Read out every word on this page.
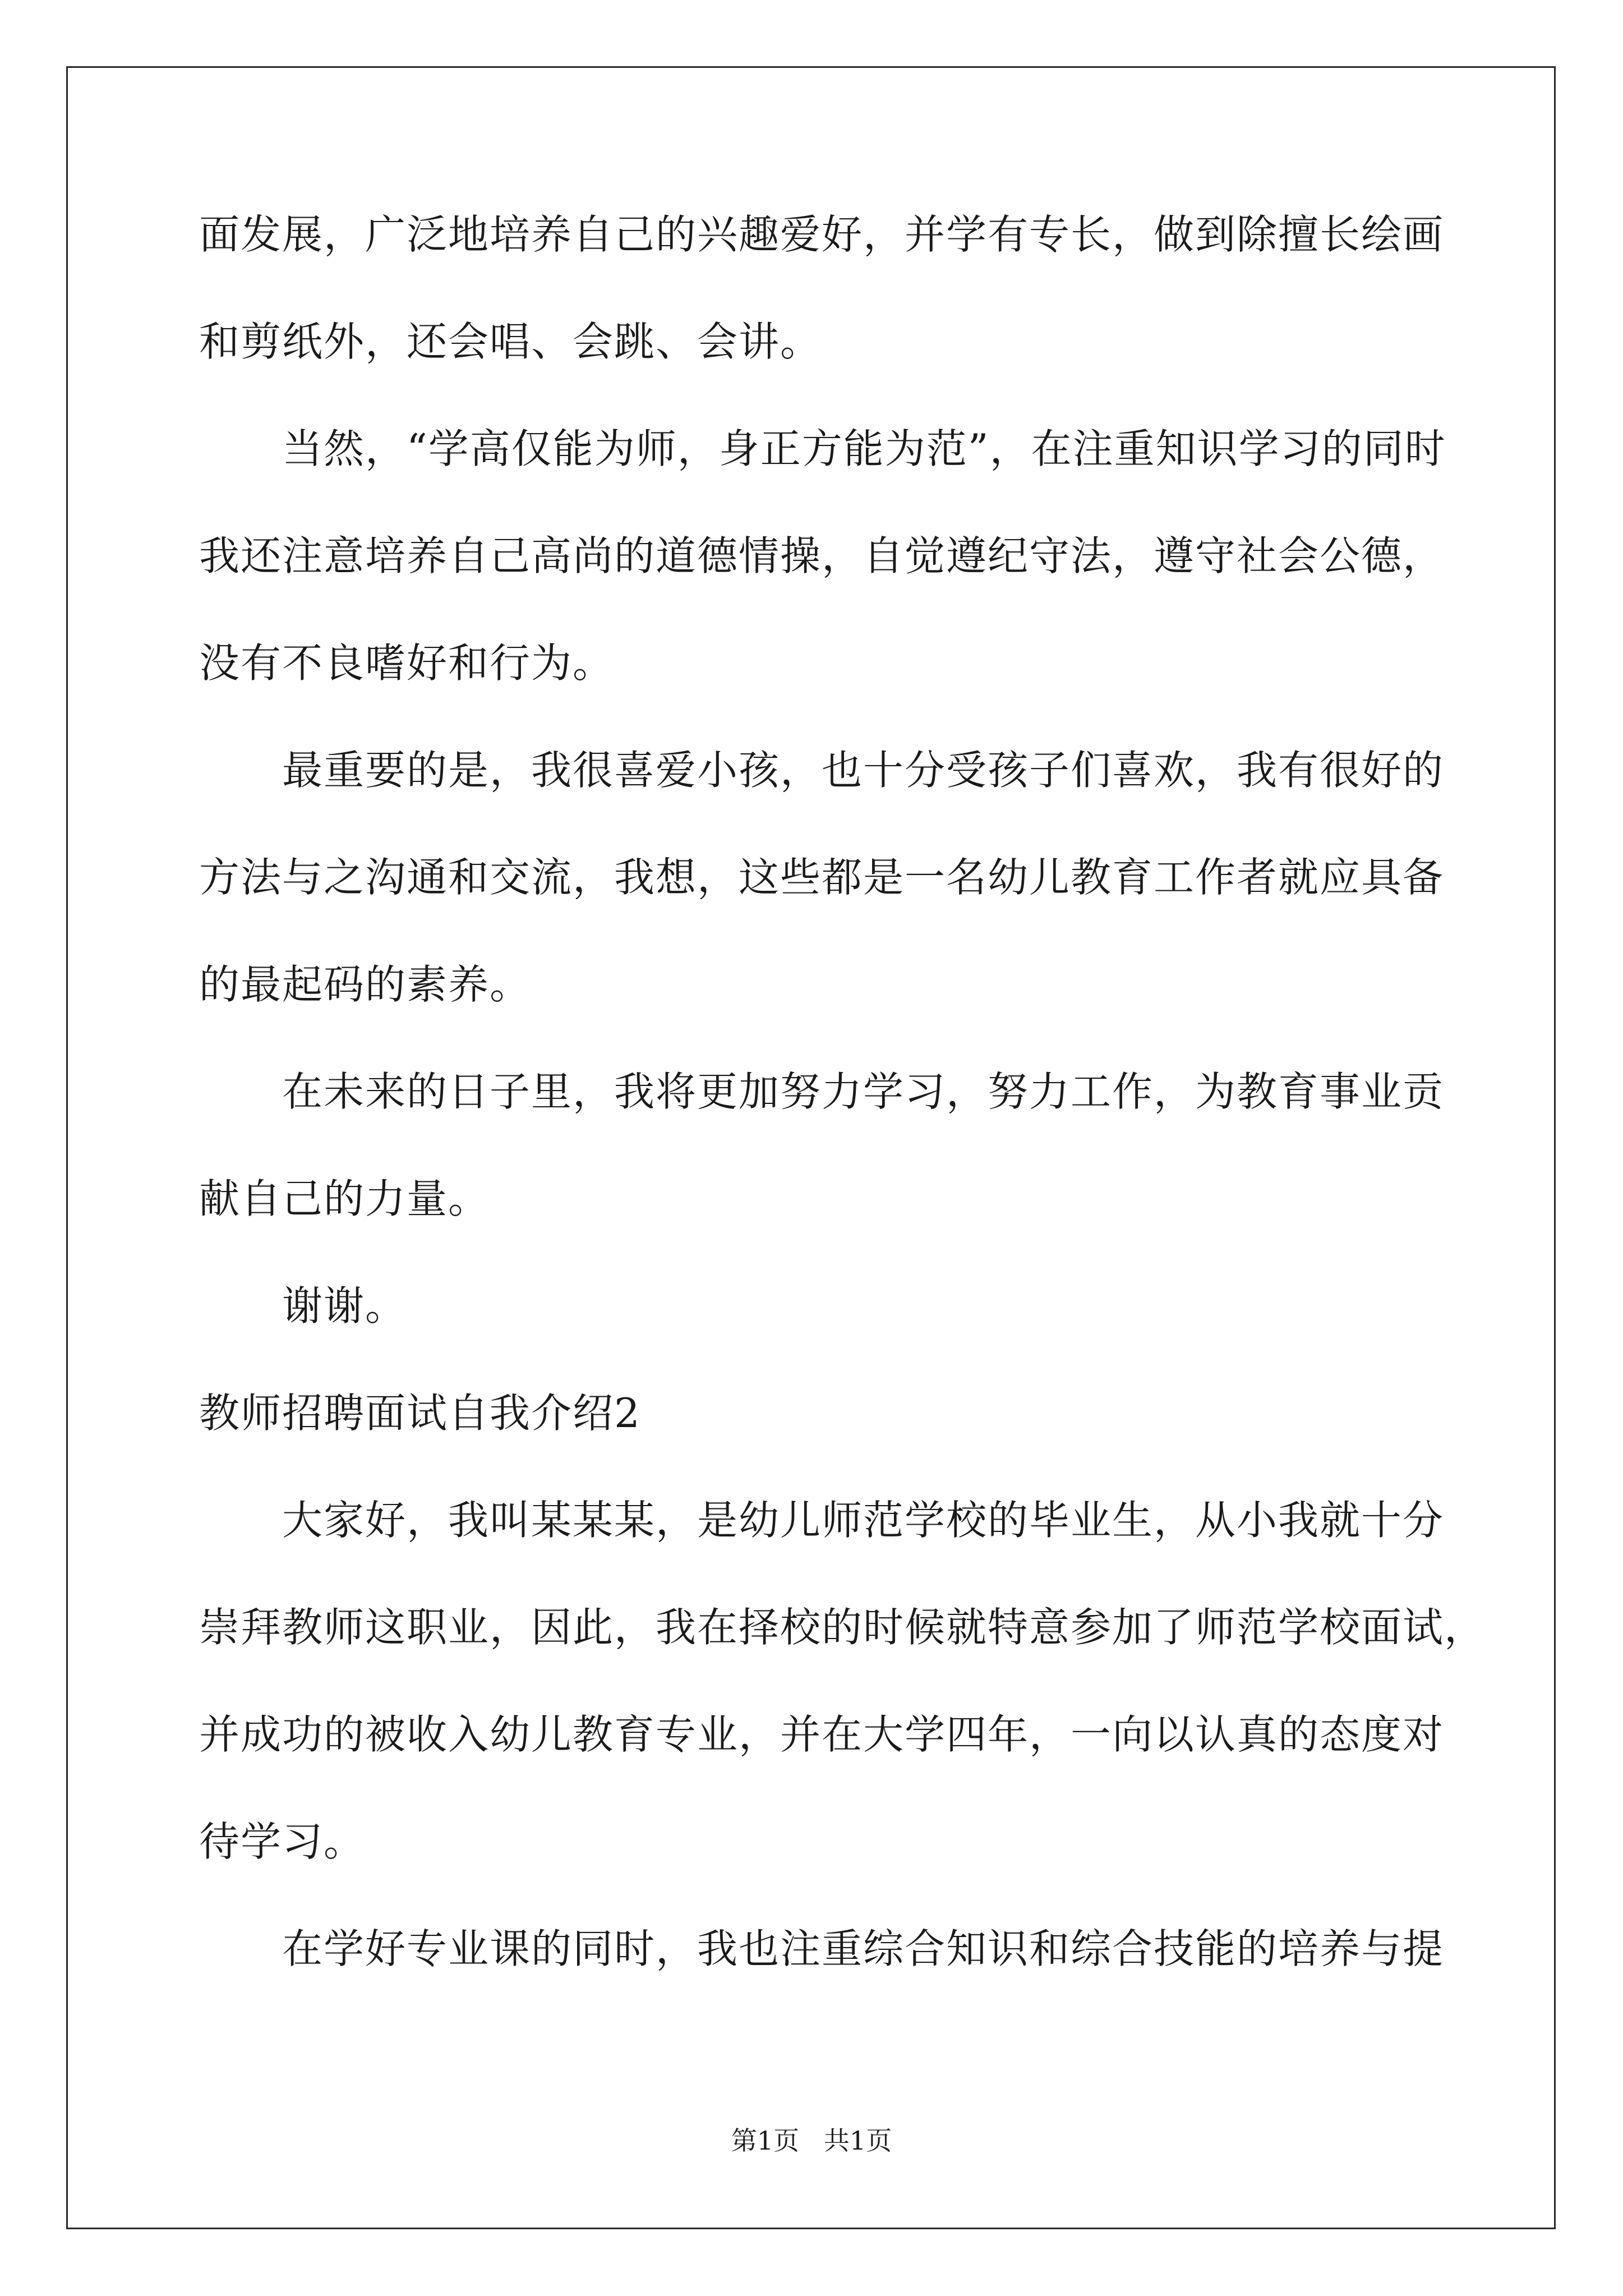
面发展，广泛地培养自己的兴趣爱好，并学有专长，做到除擅长绘画

和剪纸外，还会唱、会跳、会讲。

当然，“学高仅能为师，身正方能为范”，在注重知识学习的同时

我还注意培养自己高尚的道德情操，自觉遵纪守法，遵守社会公德，

没有不良嗜好和行为。

最重要的是，我很喜爱小孩，也十分受孩子们喜欢，我有很好的

方法与之沟通和交流，我想，这些都是一名幼儿教育工作者就应具备

的最起码的素养。

在未来的日子里，我将更加努力学习，努力工作，为教育事业贡

献自己的力量。

谢谢。

教师招聘面试自我介绍2

大家好，我叫某某某，是幼儿师范学校的毕业生，从小我就十分

崇拜教师这职业，因此，我在择校的时候就特意参加了师范学校面试，

并成功的被收入幼儿教育专业，并在大学四年，一向以认真的态度对

待学习。

在学好专业课的同时，我也注重综合知识和综合技能的培养与提

第1页   共1页
